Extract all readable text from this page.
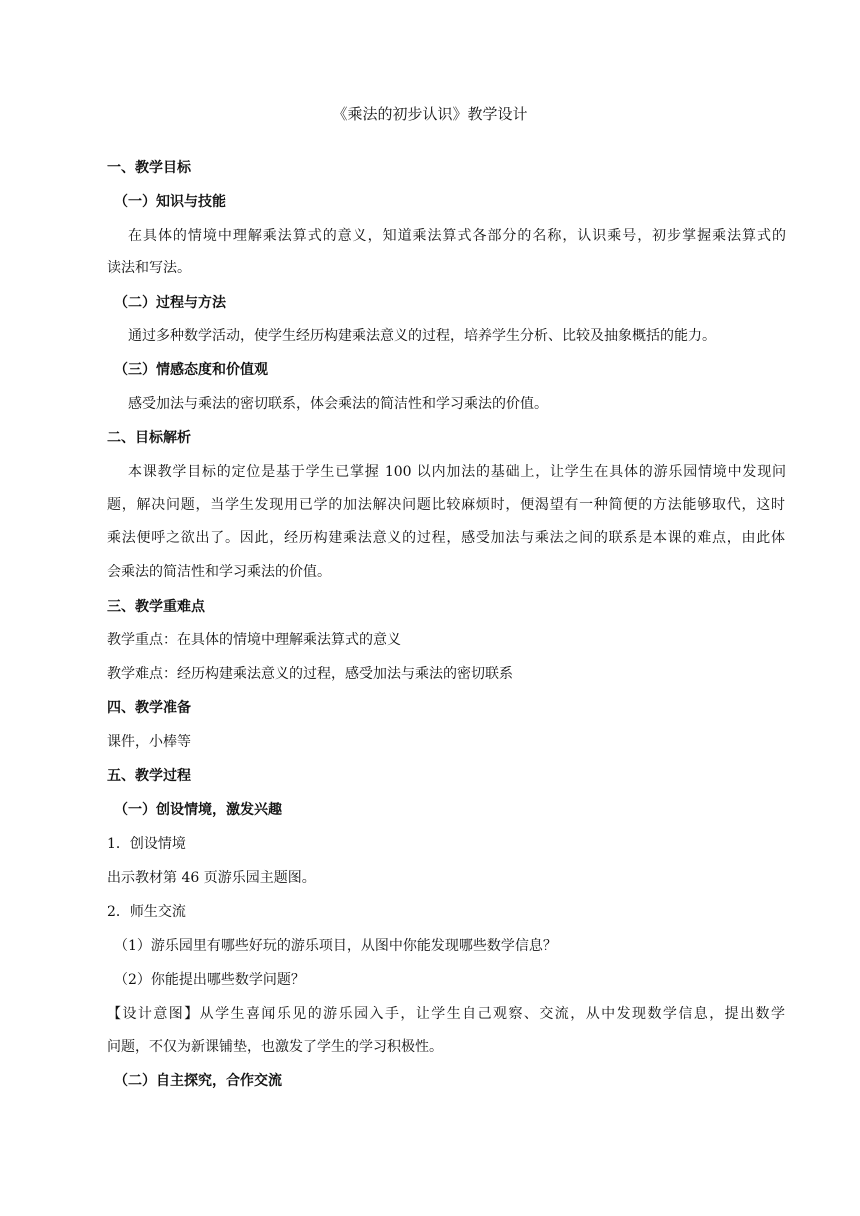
《乘法的初步认识》教学设计
一、教学目标
（一）知识与技能
在具体的情境中理解乘法算式的意义，知道乘法算式各部分的名称，认识乘号，初步掌握乘法算式的
读法和写法。
（二）过程与方法
通过多种数学活动，使学生经历构建乘法意义的过程，培养学生分析、比较及抽象概括的能力。
（三）情感态度和价值观
感受加法与乘法的密切联系，体会乘法的简洁性和学习乘法的价值。
二、目标解析
本课教学目标的定位是基于学生已掌握 100 以内加法的基础上，让学生在具体的游乐园情境中发现问
题，解决问题，当学生发现用已学的加法解决问题比较麻烦时，便渴望有一种简便的方法能够取代，这时
乘法便呼之欲出了。因此，经历构建乘法意义的过程，感受加法与乘法之间的联系是本课的难点，由此体
会乘法的简洁性和学习乘法的价值。
三、教学重难点
教学重点：在具体的情境中理解乘法算式的意义
教学难点：经历构建乘法意义的过程，感受加法与乘法的密切联系
四、教学准备
课件，小棒等
五、教学过程
（一）创设情境，激发兴趣
1．创设情境
出示教材第 46 页游乐园主题图。
2．师生交流
（1）游乐园里有哪些好玩的游乐项目，从图中你能发现哪些数学信息？
（2）你能提出哪些数学问题？
【设计意图】从学生喜闻乐见的游乐园入手，让学生自己观察、交流，从中发现数学信息，提出数学
问题，不仅为新课铺垫，也激发了学生的学习积极性。
（二）自主探究，合作交流
